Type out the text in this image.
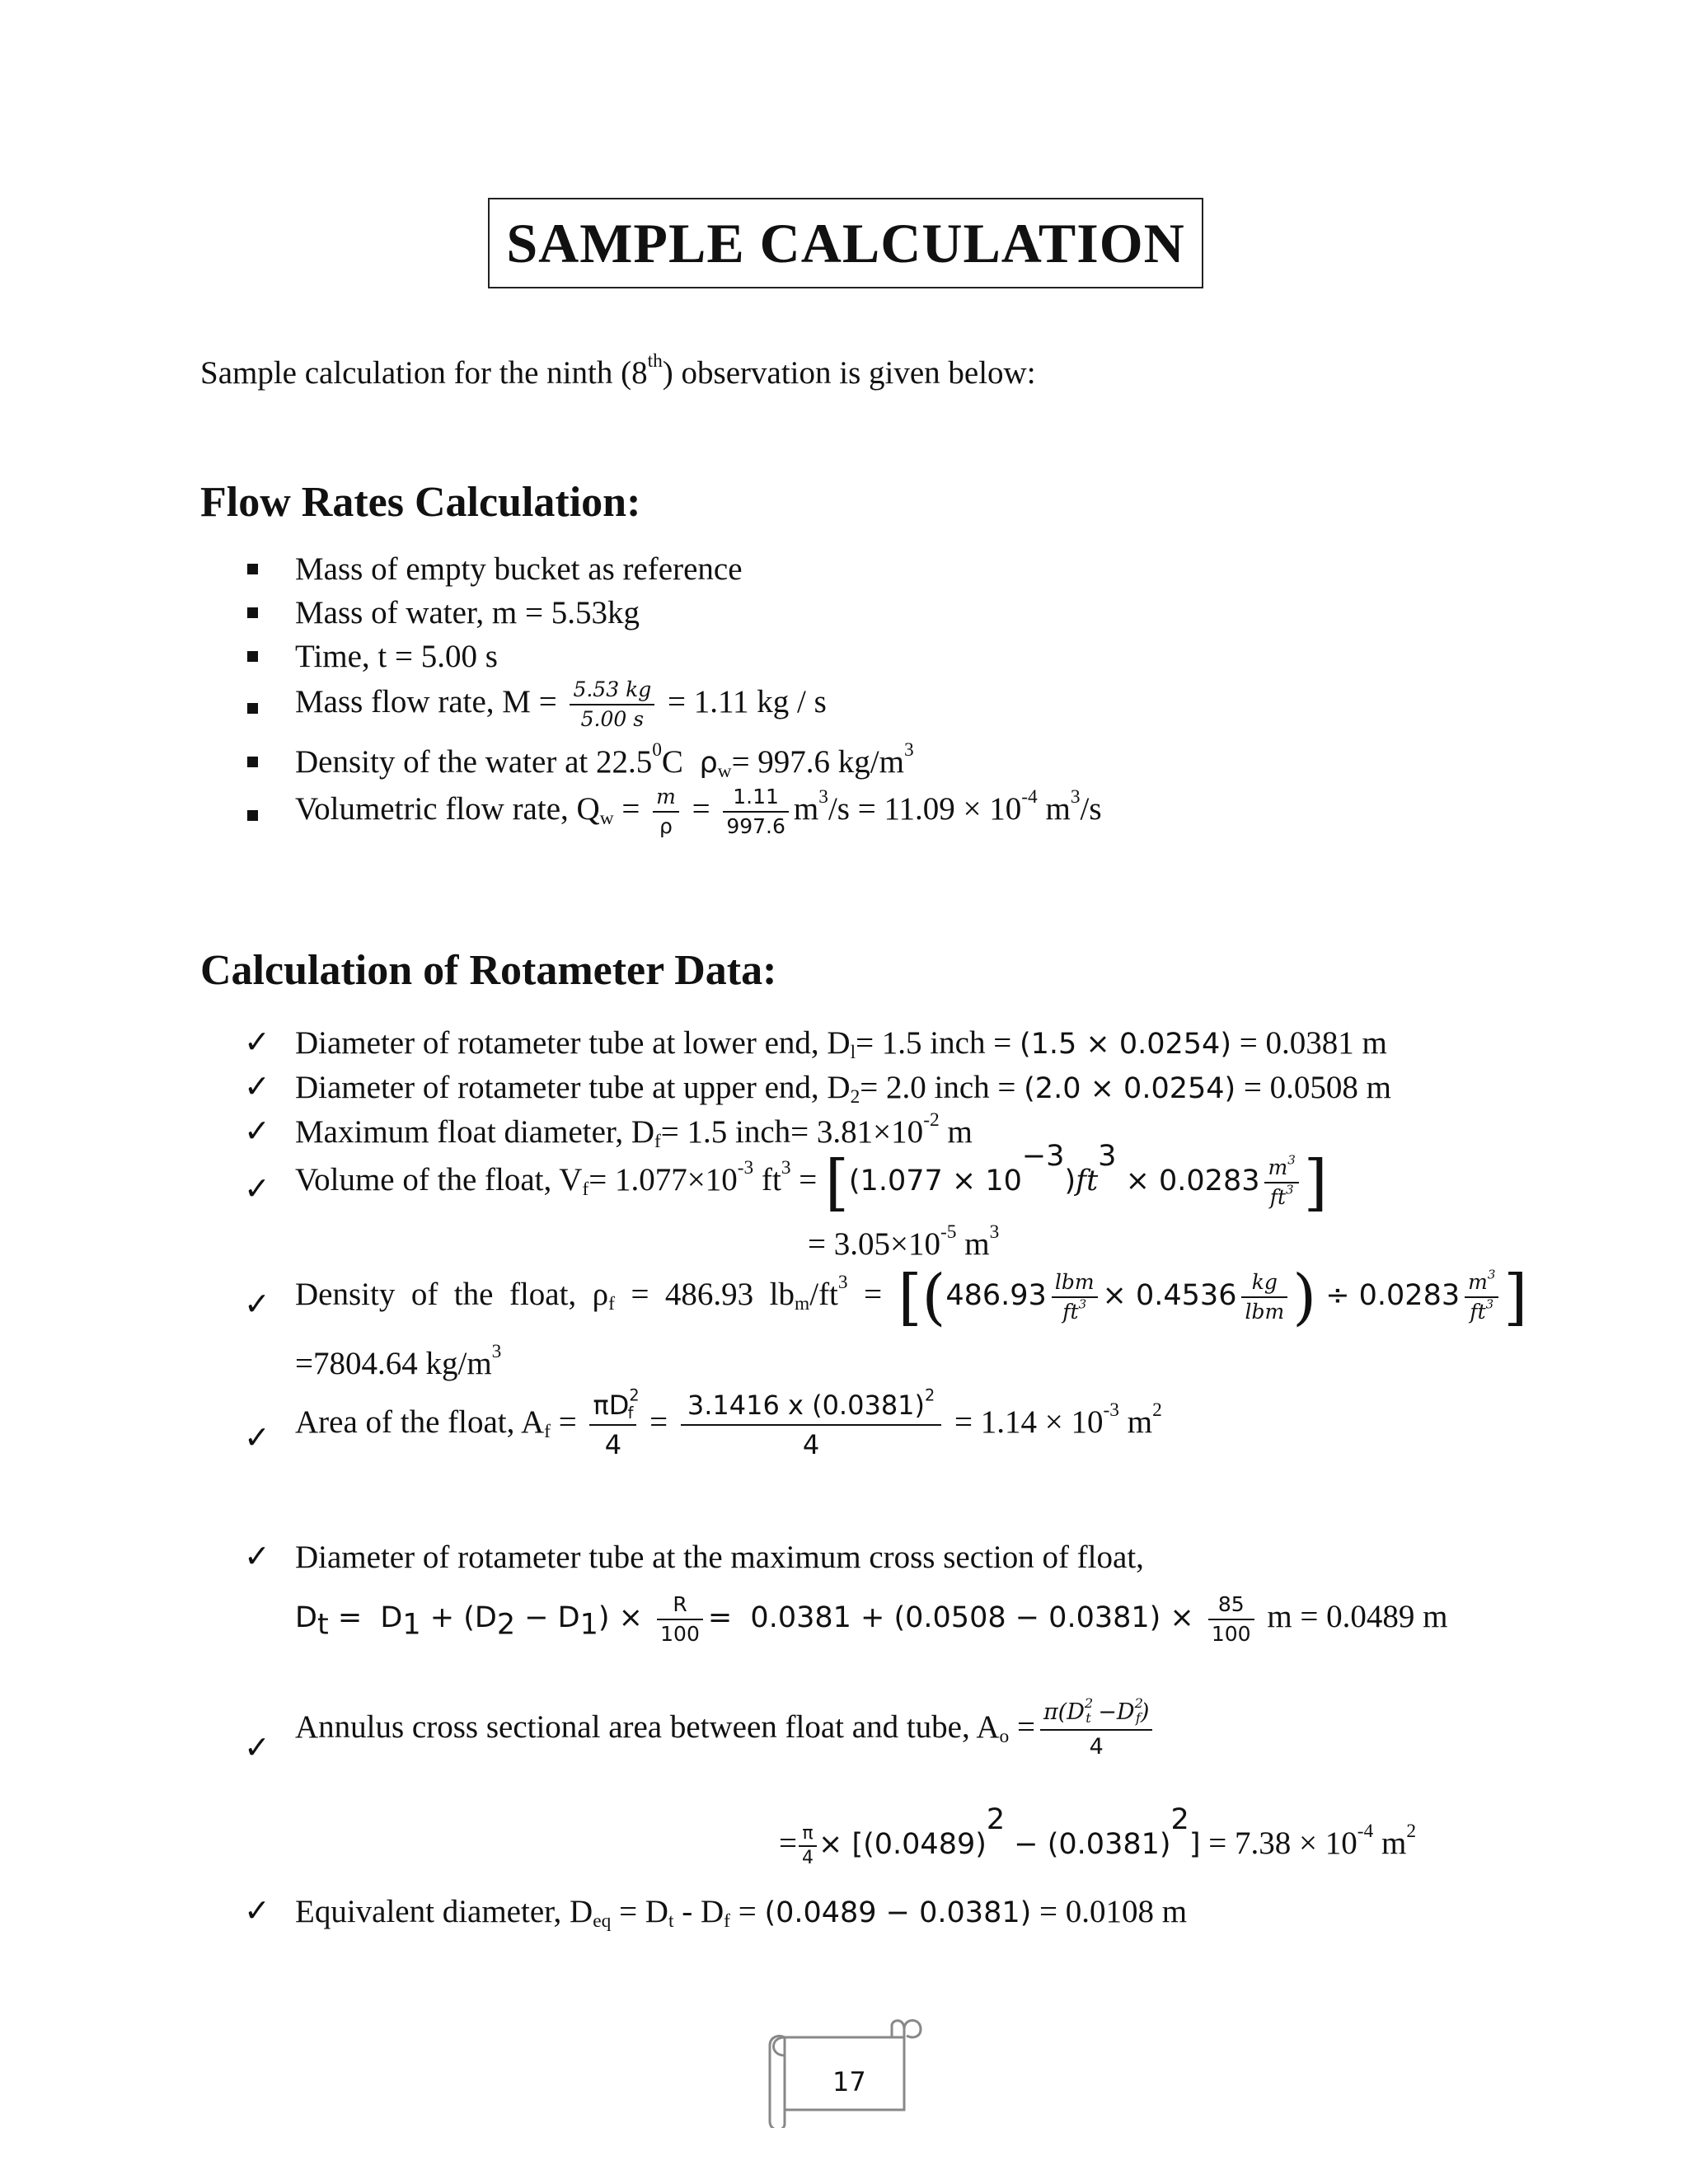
SAMPLE CALCULATION
Sample calculation for the ninth (8th) observation is given below:
Flow Rates Calculation:
Mass of empty bucket as reference
Mass of water, m = 5.53kg
Time, t = 5.00 s
Mass flow rate, $M = \frac{5.53 kg}{5.00 s} = 1.11$ kg / s
Density of the water at 22.5$^0$C $\rho_w= 997.6$ $kg/m^3$
Volumetric flow rate, $Q_w = \frac{m}{\rho} = \frac{1.11}{997.6} m^3/s = 11.09 \times 10^{-4}$ $m^3/s$
Calculation of Rotameter Data:
✓ Diameter of rotameter tube at lower end, $D_l= 1.5$ inch = (1.5 × 0.0254) = 0.0381 m
✓ Diameter of rotameter tube at upper end, $D_2= 2.0$ inch = (2.0 × 0.0254) = 0.0508 m
✓ Maximum float diameter, $D_f= 1.5$ inch= $3.81\times 10^{-2}$ m
✓ Volume of the float, $V_f= 1.077\times 10^{-3}$ $ft^3 = [(1.077 \times 10^{-3})ft^3 \times 0.0283 \frac{m^3}{ft^3}$ ]
= $3.05\times 10^{-5}$ $m^3$
✓ Density  of  the  float,  $\rho_f = 486.93$  $lb_m/ft^3 = [(486.93 \frac{\text{lbm}}{ft^3} \times 0.4536 \frac{kg}{\text{lbm}}$ ) ÷ $0.0283 \frac{m^3}{ft^3}$ ]
=7804.64 $kg/m^3$
✓ Area of the float, $A_f = \frac{\pi D^2_f}{4} = \frac{3.1416 x (0.0381)^2}{4} = 1.14 \times 10^{-3}$ $m^2$
✓ Diameter of rotameter tube at the maximum cross section of float,
$D_t = D_1 + (D_2 - D_1) \times \frac{R}{100} = 0.0381 + (0.0508 - 0.0381) \times \frac{85}{100}$ m = 0.0489 m
✓
Annulus cross sectional area between float and tube, $A_o = \frac{\pi(D^2_t -D^2_f)}{4}$
= $\frac{\pi}{4} \times [(0.0489)^2 - (0.0381)^2] = 7.38 \times 10^{-4}$ $m^2$
✓ Equivalent diameter, $D_{eq} = D_t - D_f = (0.0489 - 0.0381) = 0.0108$ m
17
